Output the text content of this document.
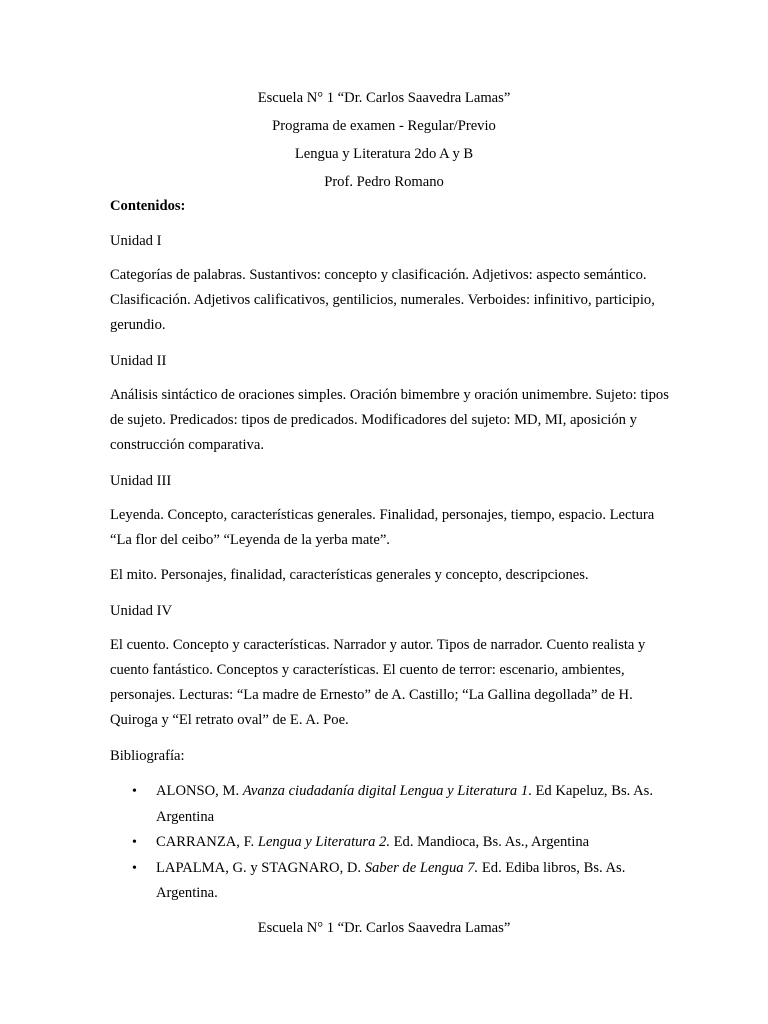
Escuela N° 1 “Dr. Carlos Saavedra Lamas”
Programa de examen - Regular/Previo
Lengua y Literatura 2do A y B
Prof. Pedro Romano
Contenidos:
Unidad I
Categorías de palabras. Sustantivos: concepto y clasificación. Adjetivos: aspecto semántico. Clasificación. Adjetivos calificativos, gentilicios, numerales. Verboides: infinitivo, participio, gerundio.
Unidad II
Análisis sintáctico de oraciones simples. Oración bimembre y oración unimembre. Sujeto: tipos de sujeto. Predicados: tipos de predicados. Modificadores del sujeto: MD, MI, aposición y construcción comparativa.
Unidad III
Leyenda. Concepto, características generales. Finalidad, personajes, tiempo, espacio. Lectura “La flor del ceibo” “Leyenda de la yerba mate”.
El mito. Personajes, finalidad, características generales y concepto, descripciones.
Unidad IV
El cuento. Concepto y características. Narrador y autor. Tipos de narrador. Cuento realista y cuento fantástico. Conceptos y características. El cuento de terror: escenario, ambientes, personajes. Lecturas: “La madre de Ernesto” de A. Castillo; “La Gallina degollada” de H. Quiroga y “El retrato oval” de E. A. Poe.
Bibliografía:
• ALONSO, M. Avanza ciudadanía digital Lengua y Literatura 1. Ed Kapeluz, Bs. As. Argentina
• CARRANZA, F. Lengua y Literatura 2. Ed. Mandioca, Bs. As., Argentina
• LAPALMA, G. y STAGNARO, D. Saber de Lengua 7. Ed. Ediba libros, Bs. As. Argentina.
Escuela N° 1 “Dr. Carlos Saavedra Lamas”
